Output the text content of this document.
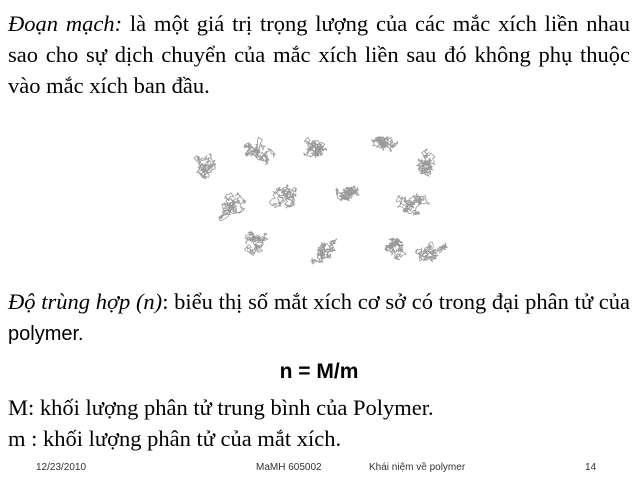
Đoạn mạch: là một giá trị trọng lượng của các mắc xích liền nhau sao cho sự dịch chuyển của mắc xích liền sau đó không phụ thuộc vào mắc xích ban đầu.
Độ trùng hợp (n): biểu thị số mắt xích cơ sở có trong đại phân tử của polymer.
n = M/m
M: khối lượng phân tử trung bình của Polymer.
m : khối lượng phân tử của mắt xích.
12/23/2010	MaMH 605002	Khái niệm về polymer	14
